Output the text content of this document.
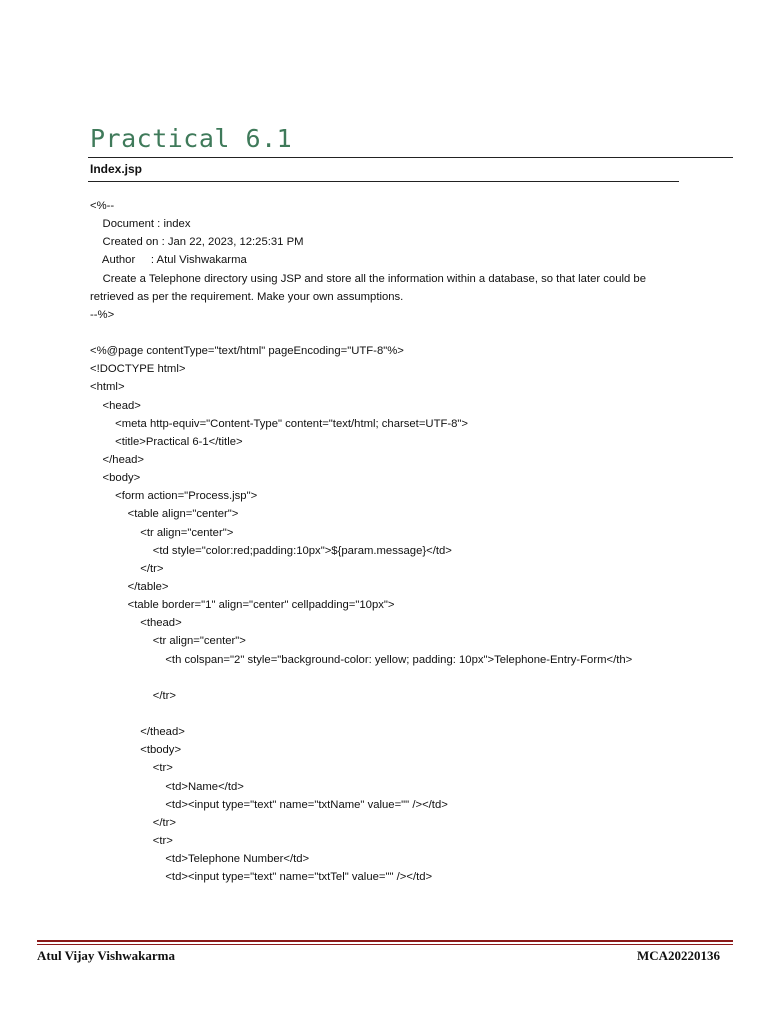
Practical 6.1
Index.jsp
<%--
Document : index
Created on : Jan 22, 2023, 12:25:31 PM
Author     : Atul Vishwakarma
Create a Telephone directory using JSP and store all the information within a database, so that later could be retrieved as per the requirement. Make your own assumptions.
--%>
<%@page contentType="text/html" pageEncoding="UTF-8"%>
<!DOCTYPE html>
<html>
<head>
<meta http-equiv="Content-Type" content="text/html; charset=UTF-8">
<title>Practical 6-1</title>
</head>
<body>
<form action="Process.jsp">
<table align="center">
<tr align="center">
<td style="color:red;padding:10px">${param.message}</td>
</tr>
</table>
<table border="1" align="center" cellpadding="10px">
<thead>
<tr align="center">
<th colspan="2" style="background-color: yellow; padding: 10px">Telephone-Entry-Form</th>
</tr>
</thead>
<tbody>
<tr>
<td>Name</td>
<td><input type="text" name="txtName" value="" /></td>
</tr>
<tr>
<td>Telephone Number</td>
<td><input type="text" name="txtTel" value="" /></td>
Atul Vijay Vishwakarma	MCA20220136
